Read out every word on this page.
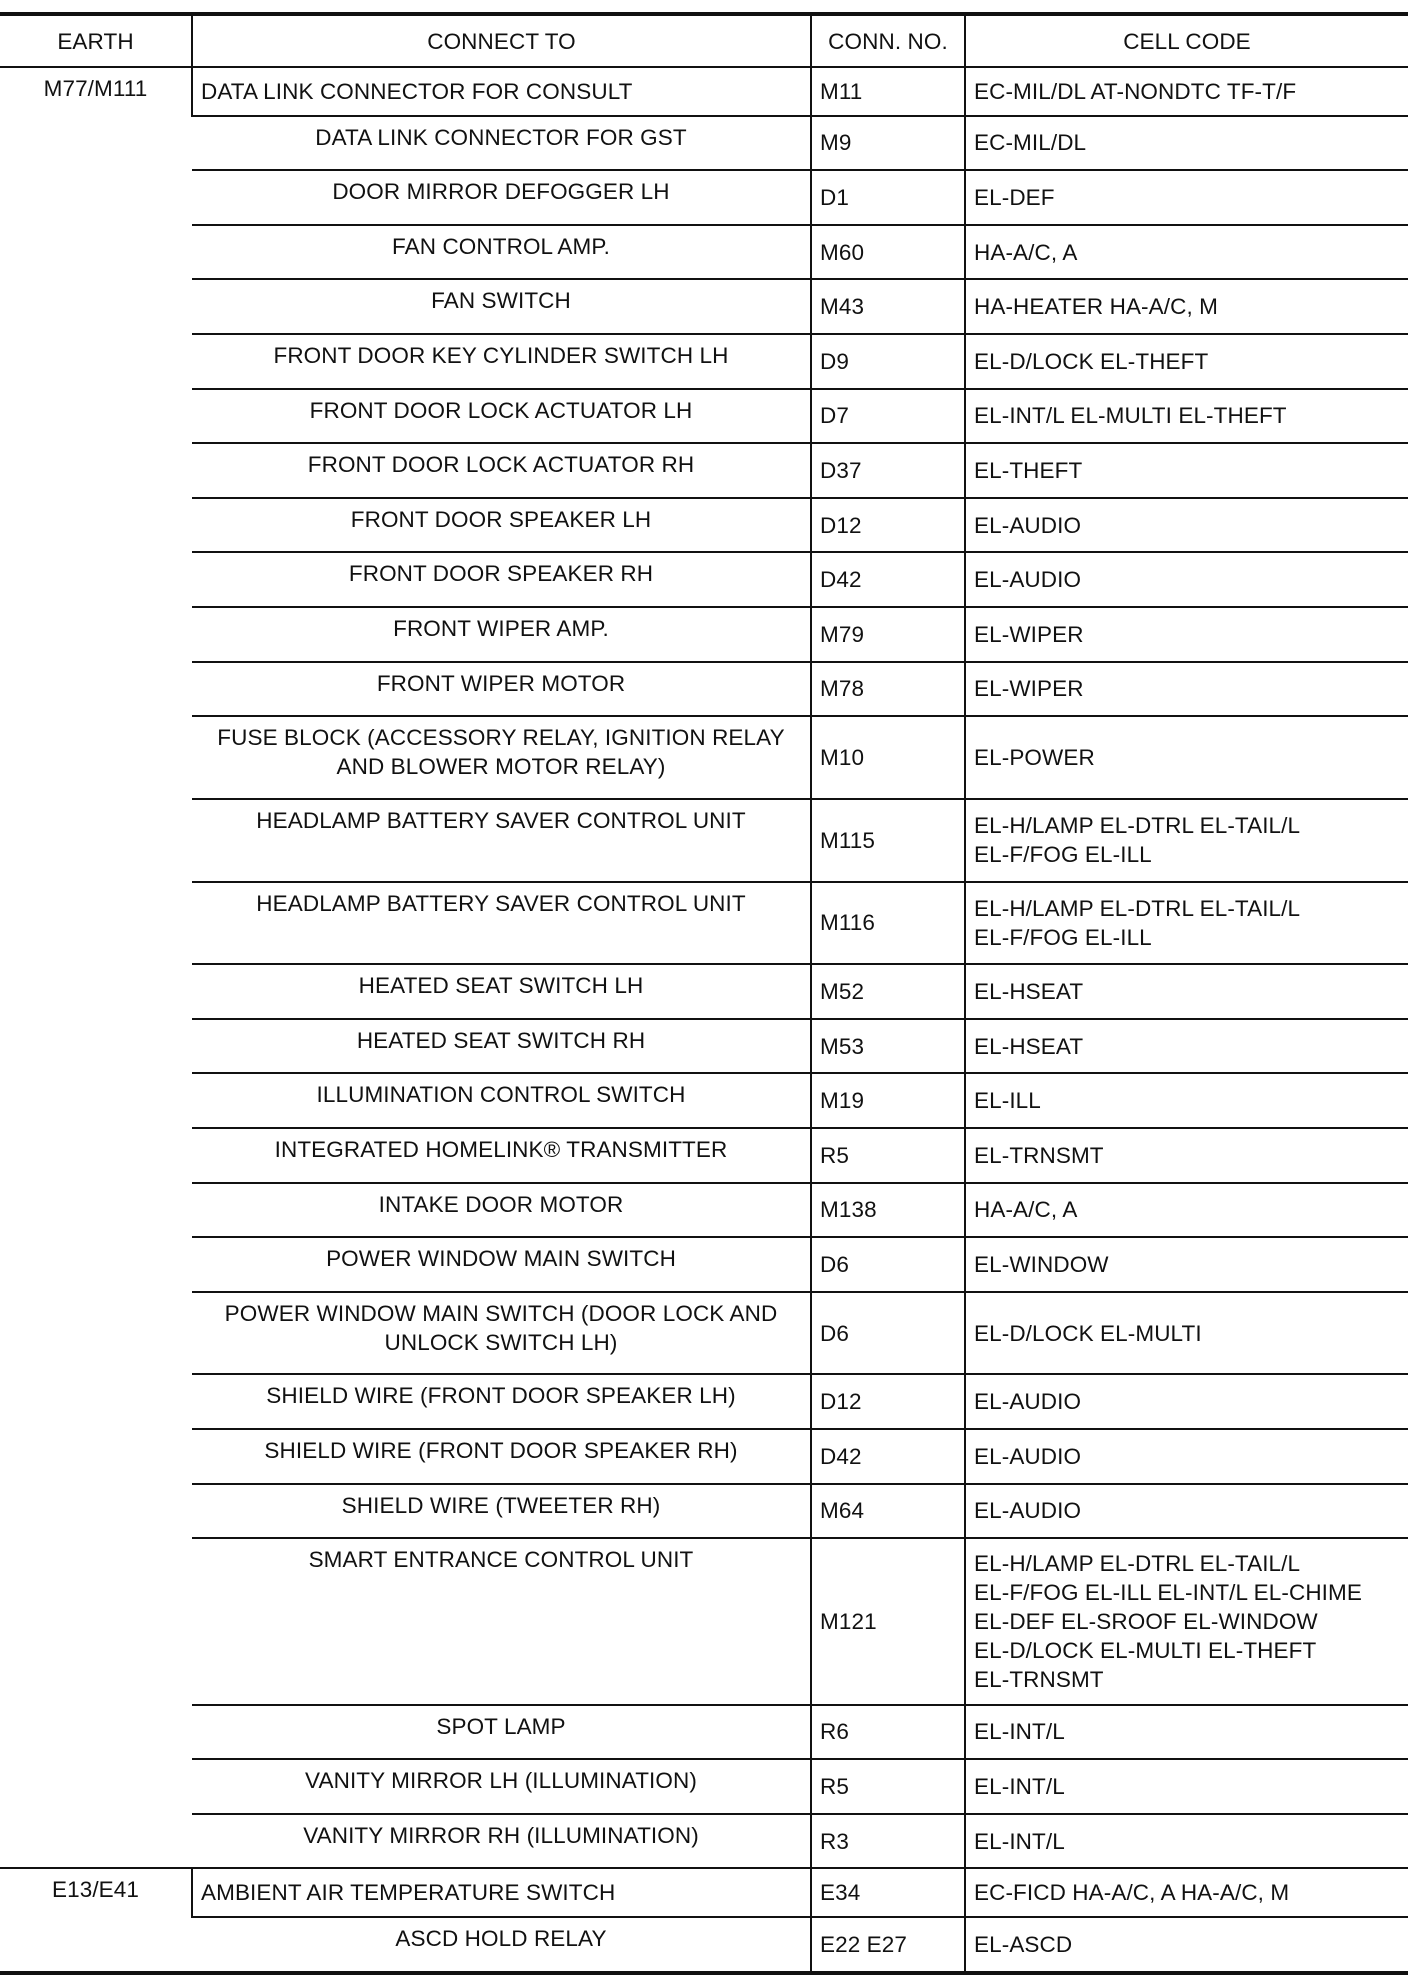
EARTH	CONNECT TO	CONN. NO.	CELL CODE
M77/M111	DATA LINK CONNECTOR FOR CONSULT	M11	EC-MIL/DL AT-NONDTC TF-T/F

	DATA LINK CONNECTOR FOR GST	M9	EC-MIL/DL

	DOOR MIRROR DEFOGGER LH	D1	EL-DEF

	FAN CONTROL AMP.	M60	HA-A/C, A

	FAN SWITCH	M43	HA-HEATER HA-A/C, M

	FRONT DOOR KEY CYLINDER SWITCH LH	D9	EL-D/LOCK EL-THEFT

	FRONT DOOR LOCK ACTUATOR LH	D7	EL-INT/L EL-MULTI EL-THEFT

	FRONT DOOR LOCK ACTUATOR RH	D37	EL-THEFT

	FRONT DOOR SPEAKER LH	D12	EL-AUDIO

	FRONT DOOR SPEAKER RH	D42	EL-AUDIO

	FRONT WIPER AMP.	M79	EL-WIPER

	FRONT WIPER MOTOR	M78	EL-WIPER

	FUSE BLOCK (ACCESSORY RELAY, IGNITION RELAY AND BLOWER MOTOR RELAY)	M10	EL-POWER

	HEADLAMP BATTERY SAVER CONTROL UNIT	M115	EL-H/LAMP EL-DTRL EL-TAIL/L
EL-F/FOG EL-ILL

	HEADLAMP BATTERY SAVER CONTROL UNIT	M116	EL-H/LAMP EL-DTRL EL-TAIL/L
EL-F/FOG EL-ILL

	HEATED SEAT SWITCH LH	M52	EL-HSEAT

	HEATED SEAT SWITCH RH	M53	EL-HSEAT

	ILLUMINATION CONTROL SWITCH	M19	EL-ILL

	INTEGRATED HOMELINK® TRANSMITTER	R5	EL-TRNSMT

	INTAKE DOOR MOTOR	M138	HA-A/C, A

	POWER WINDOW MAIN SWITCH	D6	EL-WINDOW

	POWER WINDOW MAIN SWITCH (DOOR LOCK AND UNLOCK SWITCH LH)	D6	EL-D/LOCK EL-MULTI

	SHIELD WIRE (FRONT DOOR SPEAKER LH)	D12	EL-AUDIO

	SHIELD WIRE (FRONT DOOR SPEAKER RH)	D42	EL-AUDIO

	SHIELD WIRE (TWEETER RH)	M64	EL-AUDIO

	SMART ENTRANCE CONTROL UNIT	M121	EL-H/LAMP EL-DTRL EL-TAIL/L
EL-F/FOG EL-ILL EL-INT/L EL-CHIME
EL-DEF EL-SROOF EL-WINDOW
EL-D/LOCK EL-MULTI EL-THEFT
EL-TRNSMT

	SPOT LAMP	R6	EL-INT/L

	VANITY MIRROR LH (ILLUMINATION)	R5	EL-INT/L

	VANITY MIRROR RH (ILLUMINATION)	R3	EL-INT/L

E13/E41	AMBIENT AIR TEMPERATURE SWITCH	E34	EC-FICD HA-A/C, A HA-A/C, M

	ASCD HOLD RELAY	E22 E27	EL-ASCD
